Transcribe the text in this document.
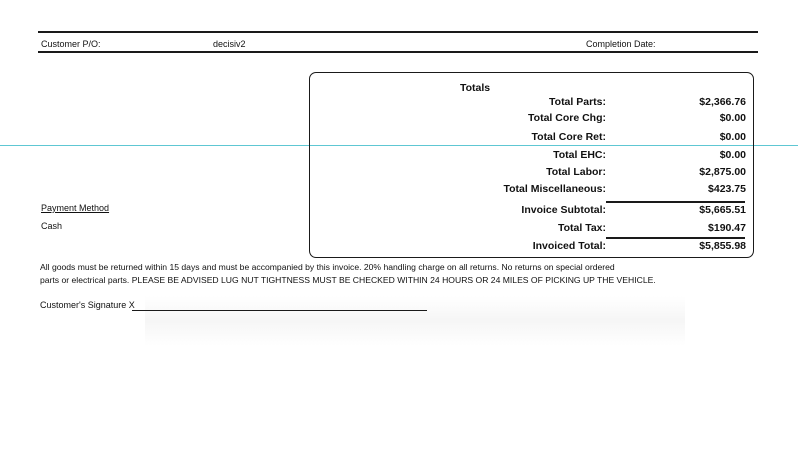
Customer P/O:	decisiv2	Completion Date:
Totals
Total Parts:	$2,366.76
Total Core Chg:	$0.00
Total Core Ret:	$0.00
Total EHC:	$0.00
Total Labor:	$2,875.00
Total Miscellaneous:	$423.75
Invoice Subtotal:	$5,665.51
Total Tax:	$190.47
Invoiced Total:	$5,855.98
Payment Method
Cash
All goods must be returned within 15 days and must be accompanied by this invoice. 20% handling charge on all returns. No returns on special ordered
parts or electrical parts. PLEASE BE ADVISED LUG NUT TIGHTNESS MUST BE CHECKED WITHIN 24 HOURS OR 24 MILES OF PICKING UP THE VEHICLE.
Customer's Signature X
